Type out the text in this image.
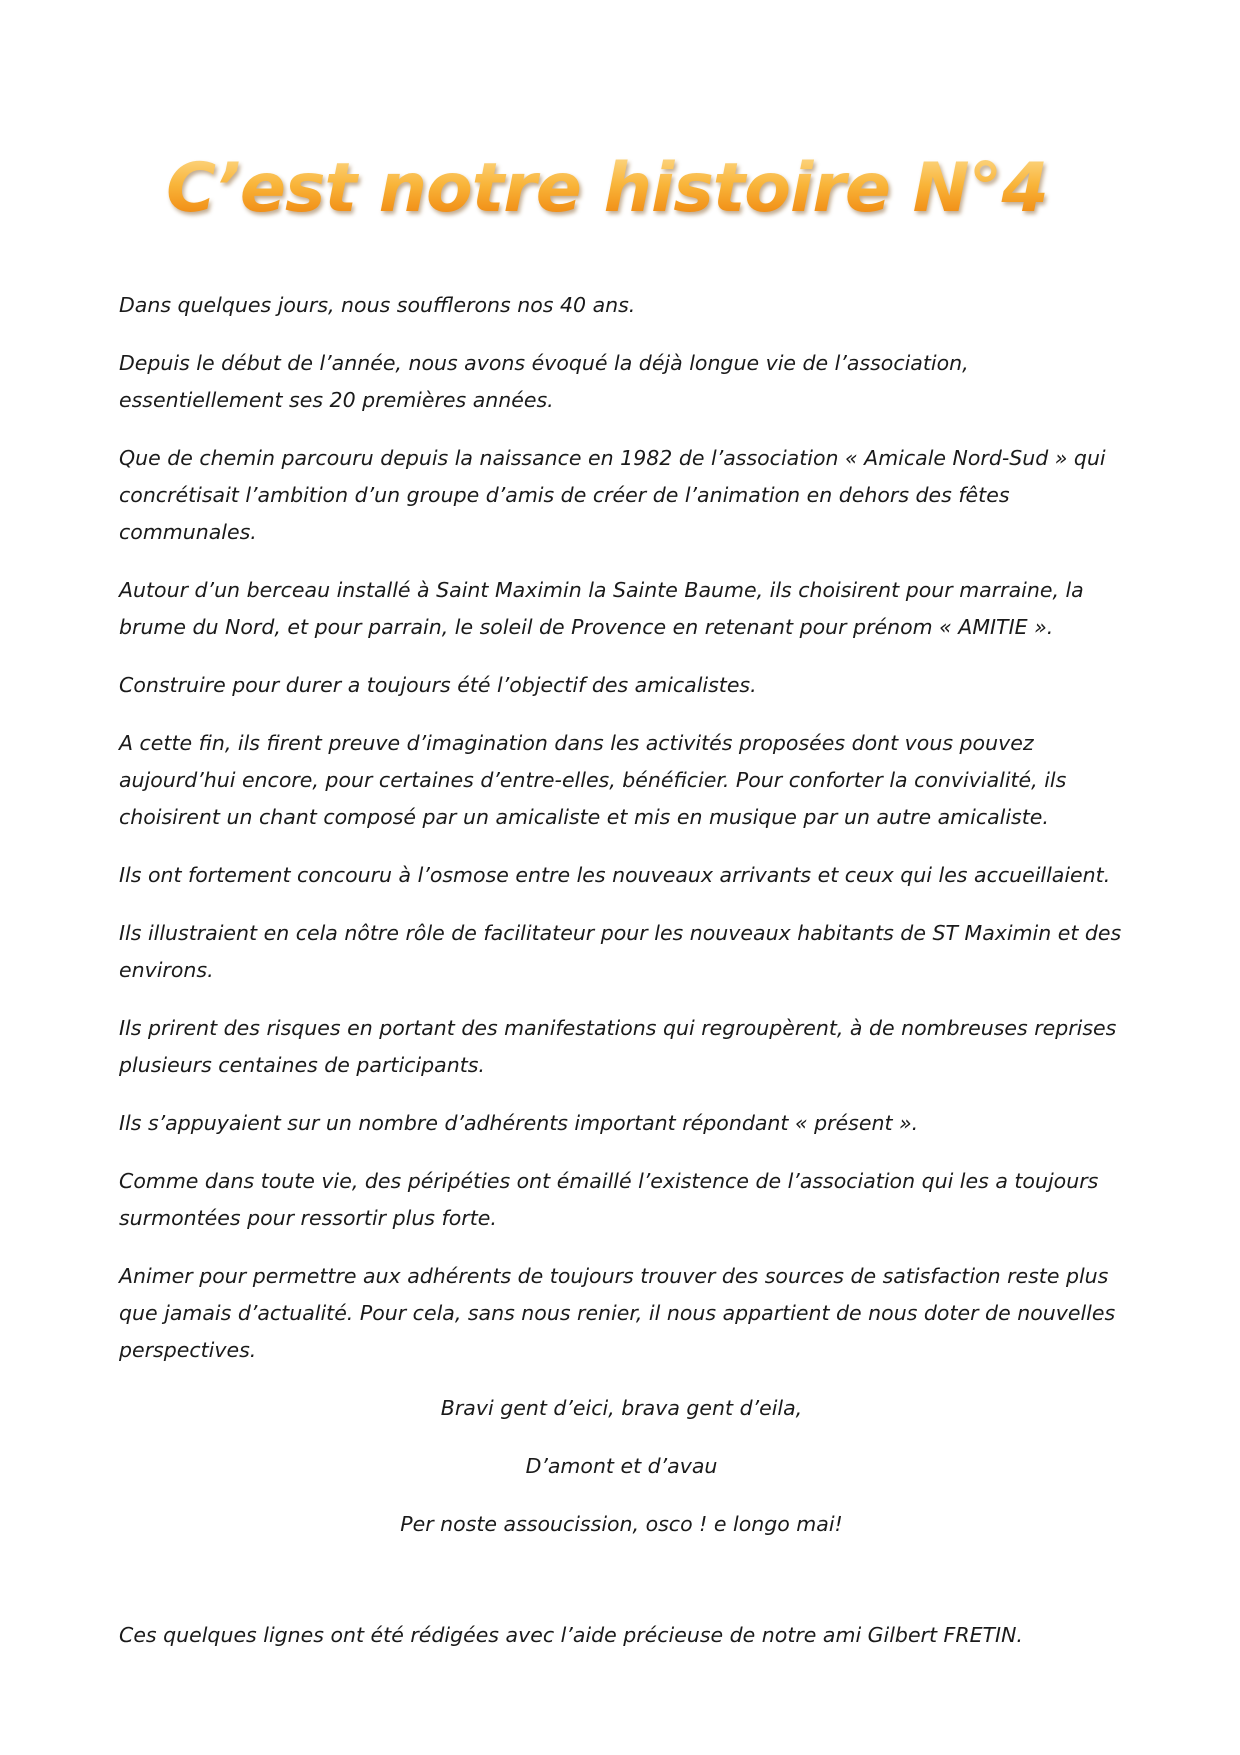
C’est notre histoire N°4

Dans quelques jours, nous soufflerons nos 40 ans.

Depuis le début de l’année, nous avons évoqué la déjà longue vie de l’association, essentiellement ses 20 premières années.

Que de chemin parcouru depuis la naissance en 1982 de l’association « Amicale Nord-Sud » qui concrétisait l’ambition d’un groupe d’amis de créer de l’animation en dehors des fêtes communales.

Autour d’un berceau installé à Saint Maximin la Sainte Baume, ils choisirent pour marraine, la brume du Nord, et pour parrain, le soleil de Provence en retenant pour prénom « AMITIE ».

Construire pour durer a toujours été l’objectif des amicalistes.

A cette fin, ils firent preuve d’imagination dans les activités proposées dont vous pouvez aujourd’hui encore, pour certaines d’entre-elles, bénéficier. Pour conforter la convivialité, ils choisirent un chant composé par un amicaliste et mis en musique par un autre amicaliste.

Ils ont fortement concouru à l’osmose entre les nouveaux arrivants et ceux qui les accueillaient.

Ils illustraient en cela nôtre rôle de facilitateur pour les nouveaux habitants de ST Maximin et des environs.

Ils prirent des risques en portant des manifestations qui regroupèrent, à de nombreuses reprises plusieurs centaines de participants.

Ils s’appuyaient sur un nombre d’adhérents important répondant « présent ».

Comme dans toute vie, des péripéties ont émaillé l’existence de l’association qui les a toujours surmontées pour ressortir plus forte.

Animer pour permettre aux adhérents de toujours trouver des sources de satisfaction reste plus que jamais d’actualité. Pour cela, sans nous renier, il nous appartient de nous doter de nouvelles perspectives.

Bravi gent d’eici, brava gent d’eila,

D’amont et d’avau

Per noste assoucission, osco ! e longo mai!

Ces quelques lignes ont été rédigées avec l’aide précieuse de notre ami Gilbert FRETIN.
